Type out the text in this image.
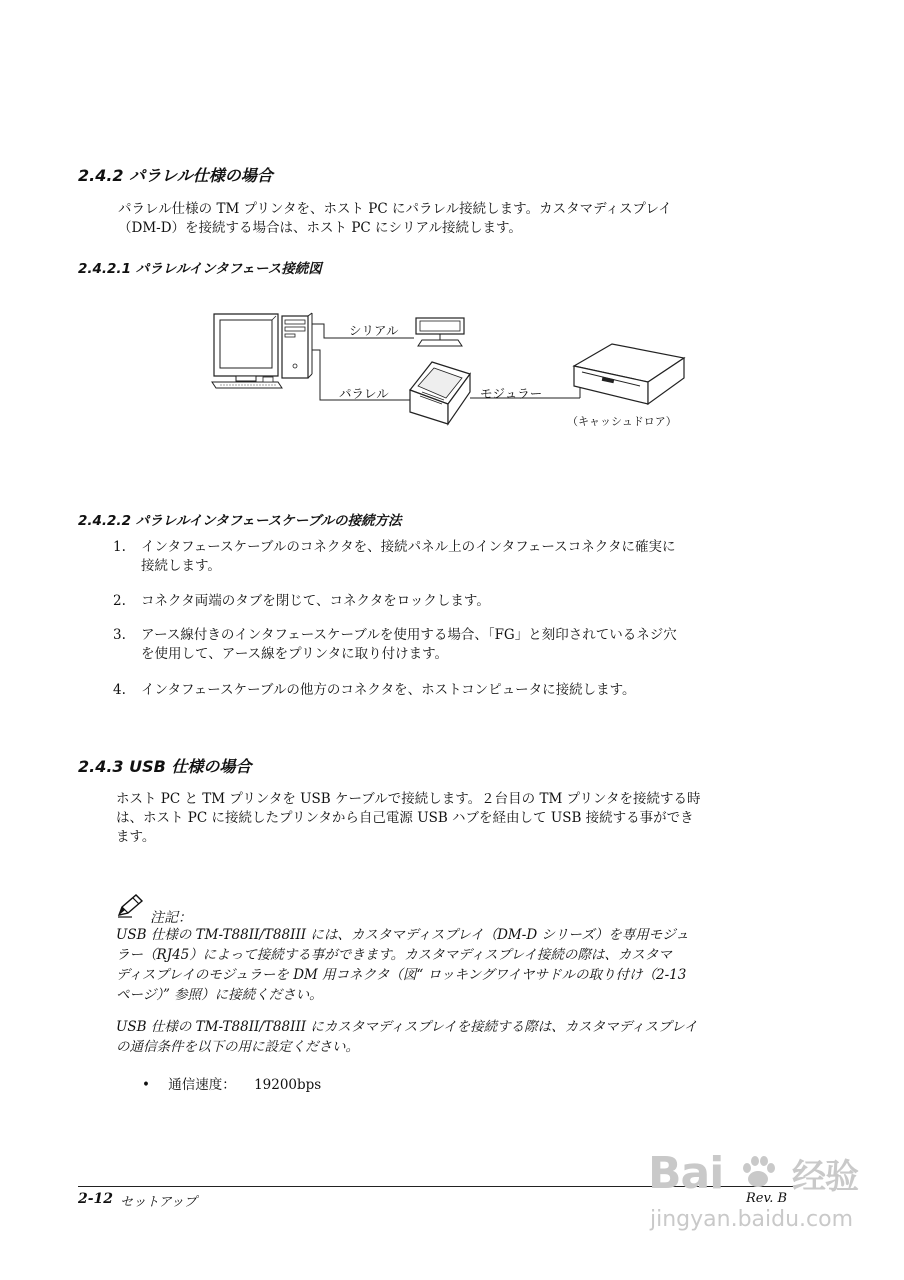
2.4.2 パラレル仕様の場合
パラレル仕様の TM プリンタを、ホスト PC にパラレル接続します。カスタマディスプレイ
（DM-D）を接続する場合は、ホスト PC にシリアル接続します。
2.4.2.1 パラレルインタフェース接続図
シリアル
パラレル	モジュラー
（キャッシュドロア）
2.4.2.2 パラレルインタフェースケーブルの接続方法
1. インタフェースケーブルのコネクタを、接続パネル上のインタフェースコネクタに確実に
接続します。
2. コネクタ両端のタブを閉じて、コネクタをロックします。
3. アース線付きのインタフェースケーブルを使用する場合、「FG」と刻印されているネジ穴
を使用して、アース線をプリンタに取り付けます。
4. インタフェースケーブルの他方のコネクタを、ホストコンピュータに接続します。
2.4.3 USB 仕様の場合
ホスト PC と TM プリンタを USB ケーブルで接続します。２台目の TM プリンタを接続する時
は、ホスト PC に接続したプリンタから自己電源 USB ハブを経由して USB 接続する事ができ
ます。
注記：
USB 仕様の TM-T88II/T88III には、カスタマディスプレイ（DM-D シリーズ）を専用モジュ
ラー（RJ45）によって接続する事ができます。カスタマディスプレイ接続の際は、カスタマ
ディスプレイのモジュラーを DM 用コネクタ（図“ ロッキングワイヤサドルの取り付け（2-13
ページ）” 参照）に接続ください。
USB 仕様の TM-T88II/T88III にカスタマディスプレイを接続する際は、カスタマディスプレイ
の通信条件を以下の用に設定ください。
• 通信速度： 19200bps
2-12 セットアップ	Rev. B
Bai 经验
jingyan.baidu.com
